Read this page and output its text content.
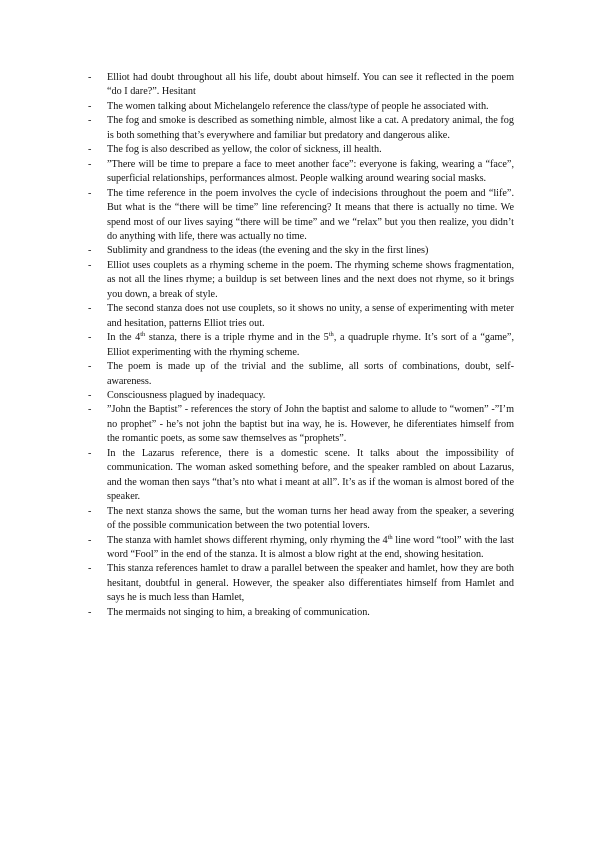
- Elliot had doubt throughout all his life, doubt about himself. You can see it reflected in the poem “do I dare?”. Hesitant
- The women talking about Michelangelo reference the class/type of people he associated with.
- The fog and smoke is described as something nimble, almost like a cat. A predatory animal, the fog is both something that’s everywhere and familiar but predatory and dangerous alike.
- The fog is also described as yellow, the color of sickness, ill health.
- ”There will be time to prepare a face to meet another face”: everyone is faking, wearing a “face”, superficial relationships, performances almost. People walking around wearing social masks.
- The time reference in the poem involves the cycle of indecisions throughout the poem and “life”. But what is the “there will be time” line referencing? It means that there is actually no time. We spend most of our lives saying “there will be time” and we “relax” but you then realize, you didn’t do anything with life, there was actually no time.
- Sublimity and grandness to the ideas (the evening and the sky in the first lines)
- Elliot uses couplets as a rhyming scheme in the poem. The rhyming scheme shows fragmentation, as not all the lines rhyme; a buildup is set between lines and the next does not rhyme, so it brings you down, a break of style.
- The second stanza does not use couplets, so it shows no unity, a sense of experimenting with meter and hesitation, patterns Elliot tries out.
- In the 4th stanza, there is a triple rhyme and in the 5th, a quadruple rhyme. It’s sort of a “game”, Elliot experimenting with the rhyming scheme.
- The poem is made up of the trivial and the sublime, all sorts of combinations, doubt, self-awareness.
- Consciousness plagued by inadequacy.
- ”John the Baptist” - references the story of John the baptist and salome to allude to “women” -”I’m no prophet” - he’s not john the baptist but ina way, he is. However, he diferentiates himself from the romantic poets, as some saw themselves as “prophets”.
- In the Lazarus reference, there is a domestic scene. It talks about the impossibility of communication. The woman asked something before, and the speaker rambled on about Lazarus, and the woman then says “that’s nto what i meant at all”. It’s as if the woman is almost bored of the speaker.
- The next stanza shows the same, but the woman turns her head away from the speaker, a severing of the possible communication between the two potential lovers.
- The stanza with hamlet shows different rhyming, only rhyming the 4th line word “tool” with the last word “Fool” in the end of the stanza. It is almost a blow right at the end, showing hesitation.
- This stanza references hamlet to draw a parallel between the speaker and hamlet, how they are both hesitant, doubtful in general. However, the speaker also differentiates himself from Hamlet and says he is much less than Hamlet,
- The mermaids not singing to him, a breaking of communication.
